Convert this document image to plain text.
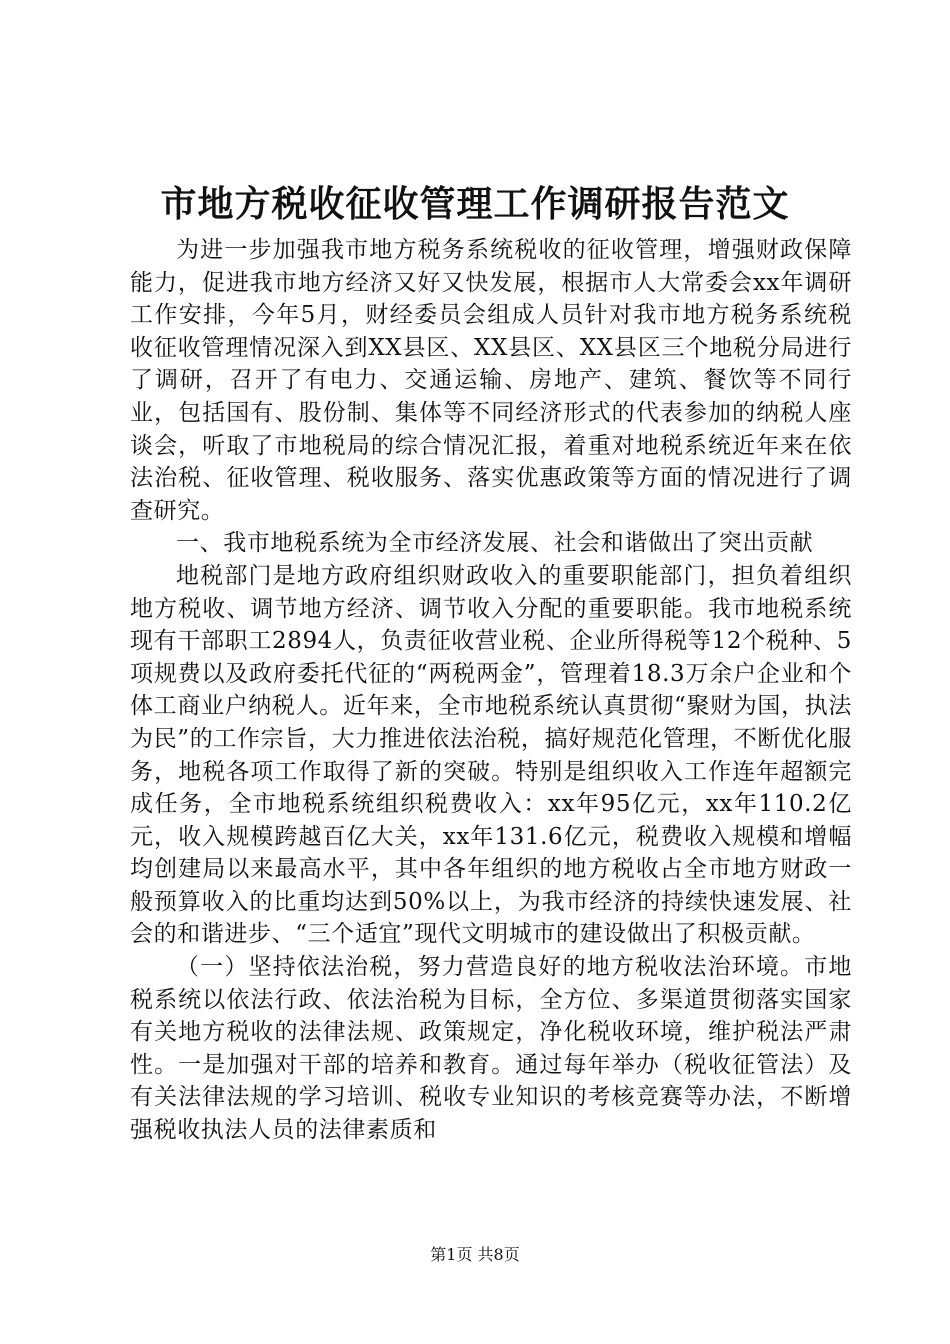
市地方税收征收管理工作调研报告范文

为进一步加强我市地方税务系统税收的征收管理，增强财政保障能力，促进我市地方经济又好又快发展，根据市人大常委会xx年调研工作安排，今年5月，财经委员会组成人员针对我市地方税务系统税收征收管理情况深入到XX县区、XX县区、XX县区三个地税分局进行了调研，召开了有电力、交通运输、房地产、建筑、餐饮等不同行业，包括国有、股份制、集体等不同经济形式的代表参加的纳税人座谈会，听取了市地税局的综合情况汇报，着重对地税系统近年来在依法治税、征收管理、税收服务、落实优惠政策等方面的情况进行了调查研究。

一、我市地税系统为全市经济发展、社会和谐做出了突出贡献

地税部门是地方政府组织财政收入的重要职能部门，担负着组织地方税收、调节地方经济、调节收入分配的重要职能。我市地税系统现有干部职工2894人，负责征收营业税、企业所得税等12个税种、5项规费以及政府委托代征的“两税两金”，管理着18.3万余户企业和个体工商业户纳税人。近年来，全市地税系统认真贯彻“聚财为国，执法为民”的工作宗旨，大力推进依法治税，搞好规范化管理，不断优化服务，地税各项工作取得了新的突破。特别是组织收入工作连年超额完成任务，全市地税系统组织税费收入：xx年95亿元，xx年110.2亿元，收入规模跨越百亿大关，xx年131.6亿元，税费收入规模和增幅均创建局以来最高水平，其中各年组织的地方税收占全市地方财政一般预算收入的比重均达到50%以上，为我市经济的持续快速发展、社会的和谐进步、“三个适宜”现代文明城市的建设做出了积极贡献。

（一）坚持依法治税，努力营造良好的地方税收法治环境。市地税系统以依法行政、依法治税为目标，全方位、多渠道贯彻落实国家有关地方税收的法律法规、政策规定，净化税收环境，维护税法严肃性。一是加强对干部的培养和教育。通过每年举办（税收征管法）及有关法律法规的学习培训、税收专业知识的考核竞赛等办法，不断增强税收执法人员的法律素质和

第1页 共8页
